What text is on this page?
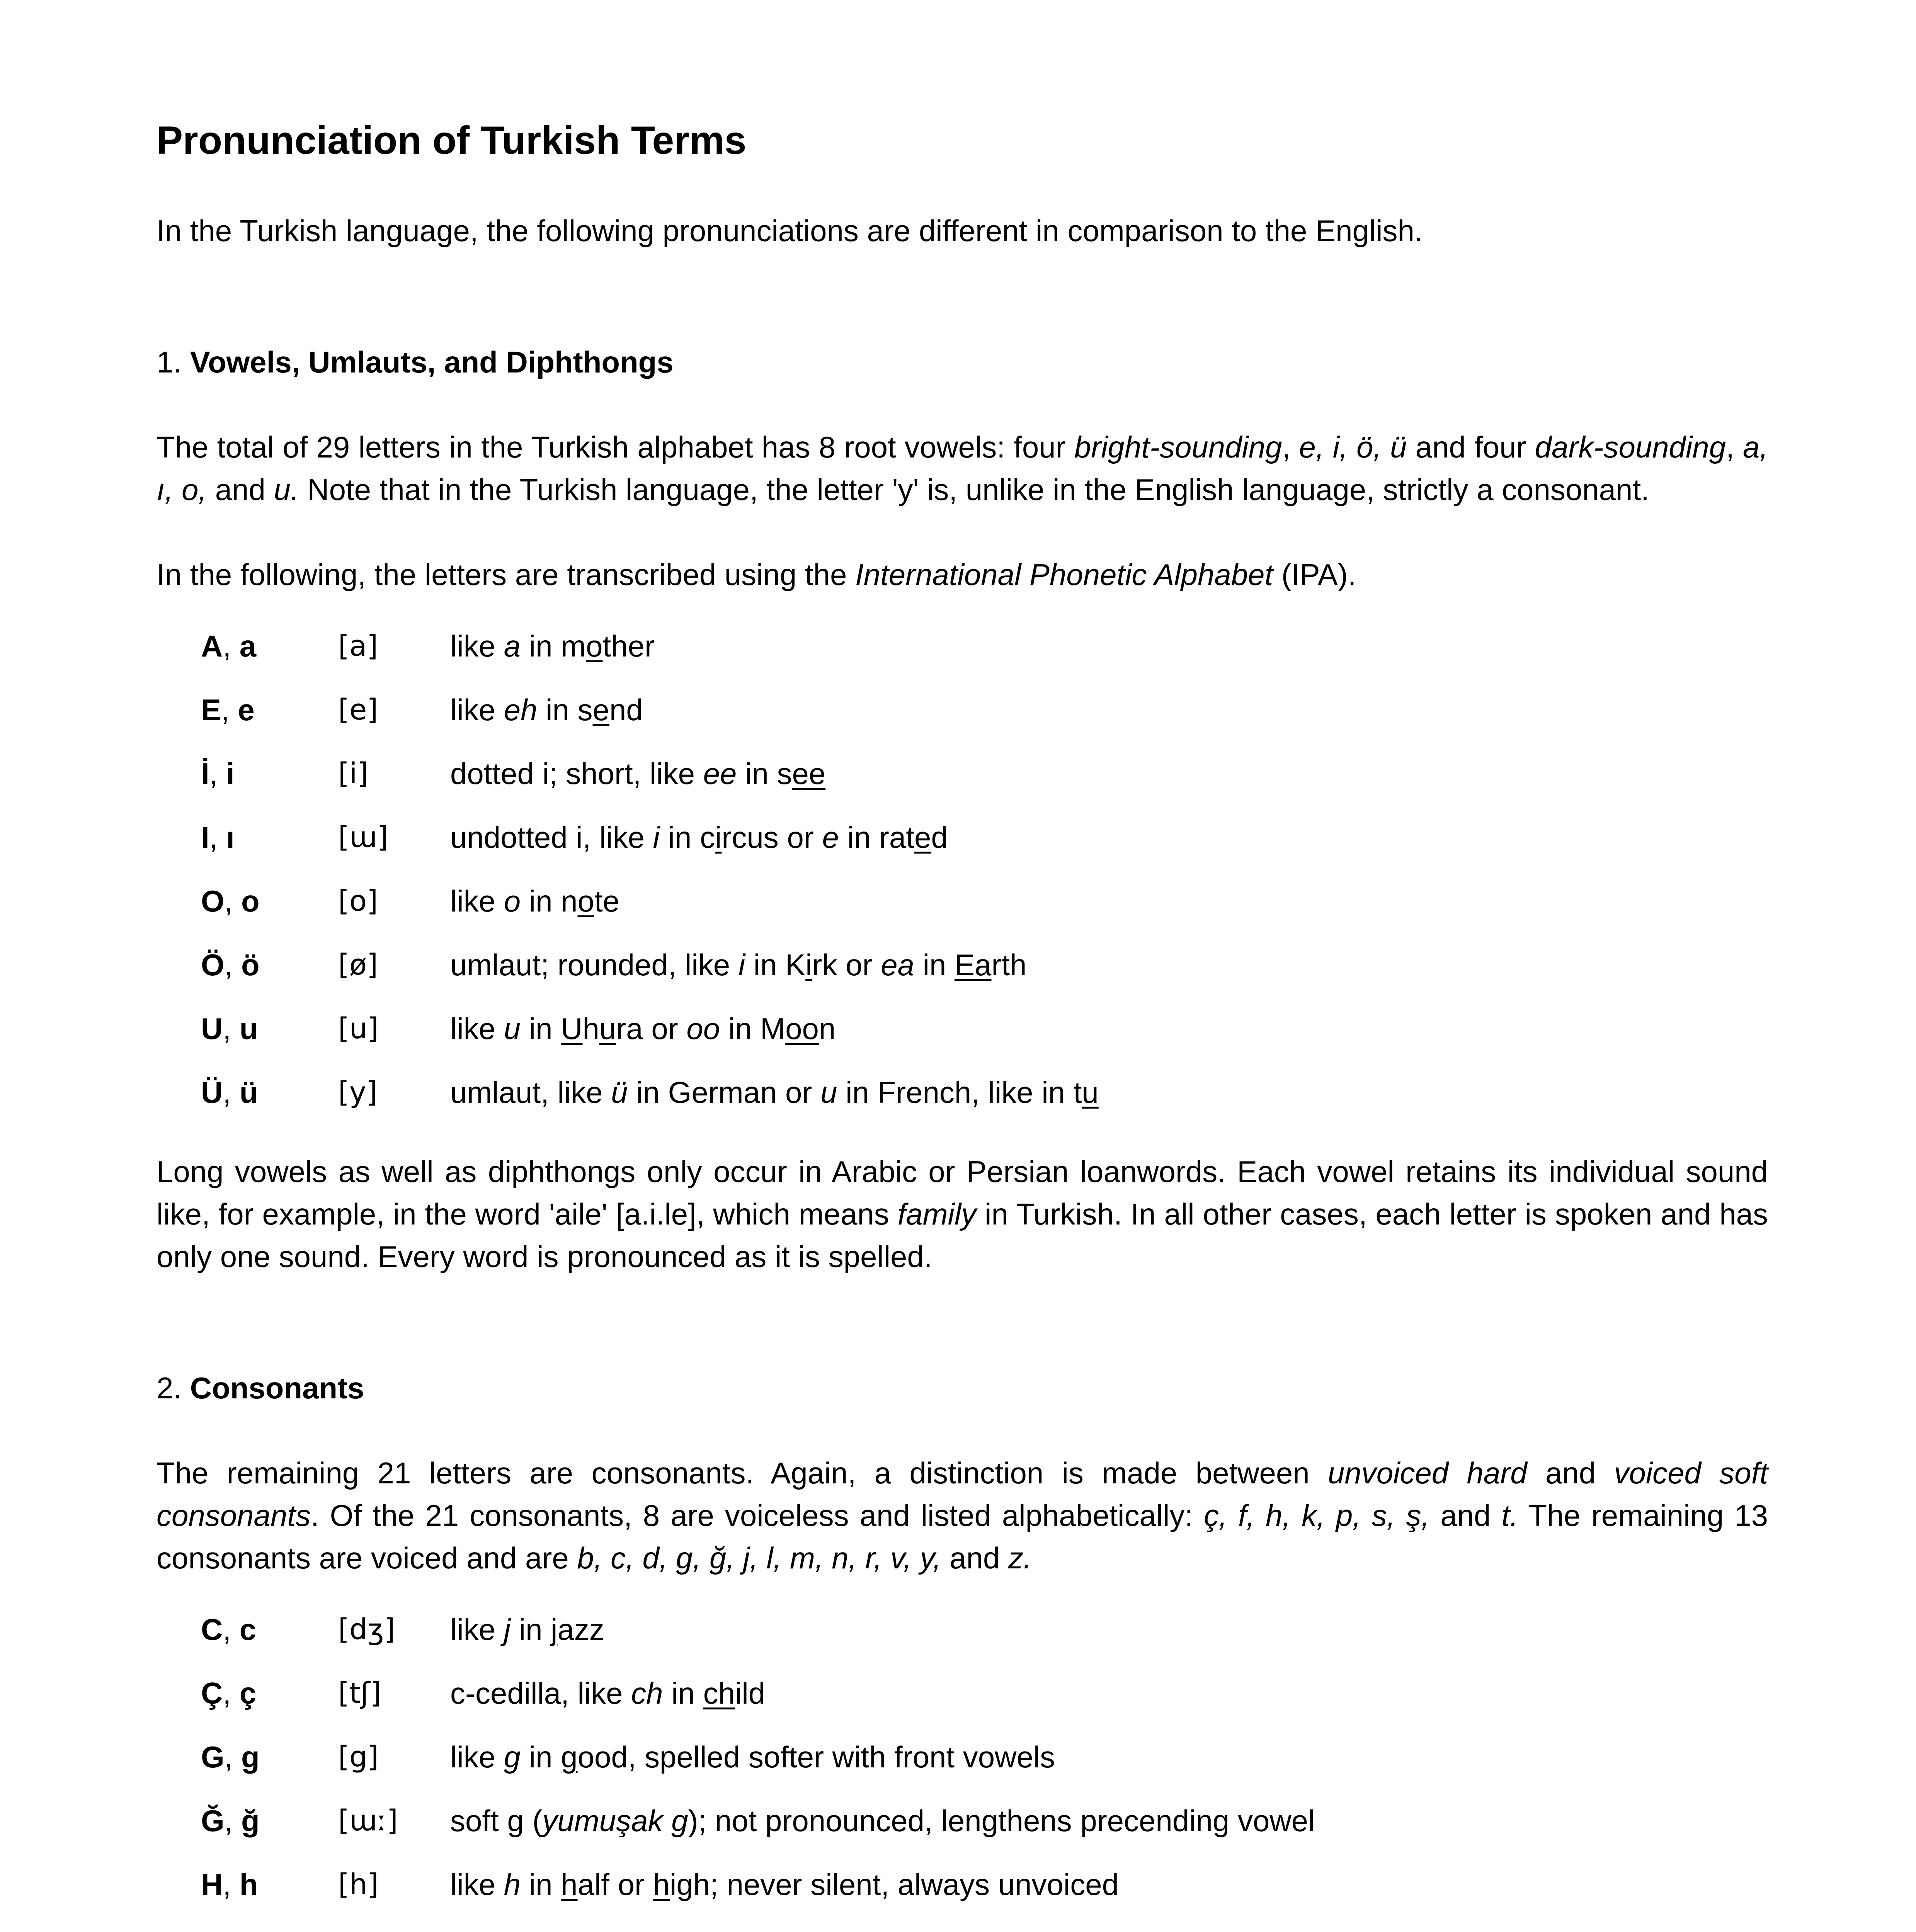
Pronunciation of Turkish Terms

In the Turkish language, the following pronunciations are different in comparison to the English.

1. Vowels, Umlauts, and Diphthongs

The total of 29 letters in the Turkish alphabet has 8 root vowels: four bright-sounding, e, i, ö, ü and four dark-sounding, a, ı, o, and u. Note that in the Turkish language, the letter 'y' is, unlike in the English language, strictly a consonant.

In the following, the letters are transcribed using the International Phonetic Alphabet (IPA).

A, a	[a] like a in mother
E, e	[e] like eh in send
İ, i	[i]	dotted i; short, like ee in see
I, ı	[ɯ] undotted i, like i in circus or e in rated
O, o	[o] like o in note
Ö, ö	[ø] umlaut; rounded, like i in Kirk or ea in Earth
U, u	[u] like u in Uhura or oo in Moon
Ü, ü	[y] umlaut, like ü in German or u in French, like in tu

Long vowels as well as diphthongs only occur in Arabic or Persian loanwords. Each vowel retains its individual sound like, for example, in the word 'aile' [a.i.le], which means family in Turkish. In all other cases, each letter is spoken and has only one sound. Every word is pronounced as it is spelled.

2. Consonants

The remaining 21 letters are consonants. Again, a distinction is made between unvoiced hard and voiced soft consonants. Of the 21 consonants, 8 are voiceless and listed alphabetically: ç, f, h, k, p, s, ş, and t. The remaining 13 consonants are voiced and are b, c, d, g, ğ, j, l, m, n, r, v, y, and z.

C, c	[dʒ] like j in jazz
Ç, ç	[tʃ] c-cedilla, like ch in child
G, g	[g] like g in good, spelled softer with front vowels
Ğ, ğ	[ɯː] soft g (yumuşak g); not pronounced, lengthens precending vowel
H, h	[h] like h in half or high; never silent, always unvoiced
